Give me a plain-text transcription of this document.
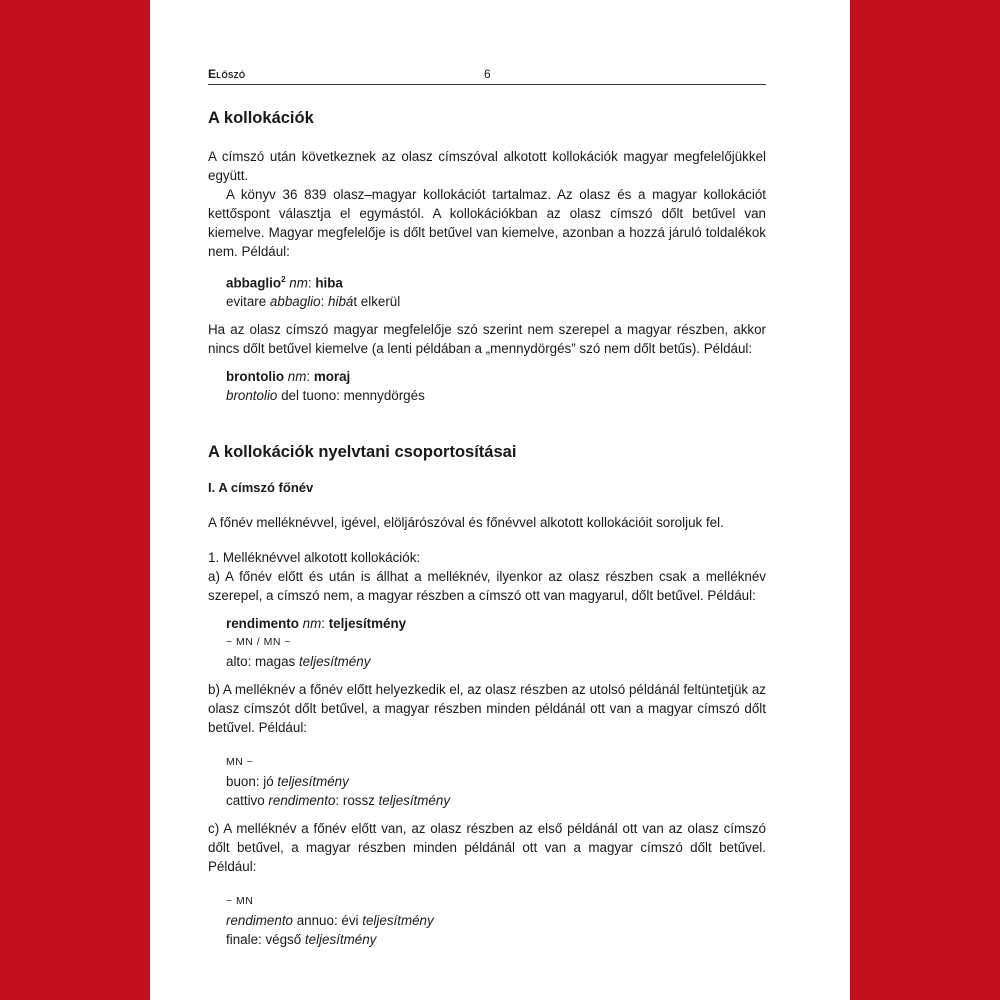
Előszó	6
A kollokációk

A címszó után következnek az olasz címszóval alkotott kollokációk magyar megfelelőjükkel együtt.

A könyv 36 839 olasz–magyar kollokációt tartalmaz. Az olasz és a magyar kollokációt kettőspont választja el egymástól. A kollokációkban az olasz címszó dőlt betűvel van kiemelve. Magyar megfelelője is dőlt betűvel van kiemelve, azonban a hozzá járuló toldalékok nem. Például:

abbaglio$^2$ nm: hiba
evitare abbaglio: hibát elkerül

Ha az olasz címszó magyar megfelelője szó szerint nem szerepel a magyar részben, akkor nincs dőlt betűvel kiemelve (a lenti példában a „mennydörgés” szó nem dőlt betűs). Például:

brontolio nm: moraj
brontolio del tuono: mennydörgés
A kollokációk nyelvtani csoportosításai
I. A címszó főnév

A főnév melléknévvel, igével, elöljárószóval és főnévvel alkotott kollokációit soroljuk fel.

1. Melléknévvel alkotott kollokációk:

a) A főnév előtt és után is állhat a melléknév, ilyenkor az olasz részben csak a melléknév szerepel, a címszó nem, a magyar részben a címszó ott van magyarul, dőlt betűvel. Például:

rendimento nm: teljesítmény
~ MN / MN ~
alto: magas teljesítmény

b) A melléknév a főnév előtt helyezkedik el, az olasz részben az utolsó példánál feltüntetjük az olasz címszót dőlt betűvel, a magyar részben minden példánál ott van a magyar címszó dőlt betűvel. Például:

MN ~
buon: jó teljesítmény
cattivo rendimento: rossz teljesítmény

c) A melléknév a főnév előtt van, az olasz részben az első példánál ott van az olasz címszó dőlt betűvel, a magyar részben minden példánál ott van a magyar címszó dőlt betűvel. Például:

~ MN
rendimento annuo: évi teljesítmény
finale: végső teljesítmény
